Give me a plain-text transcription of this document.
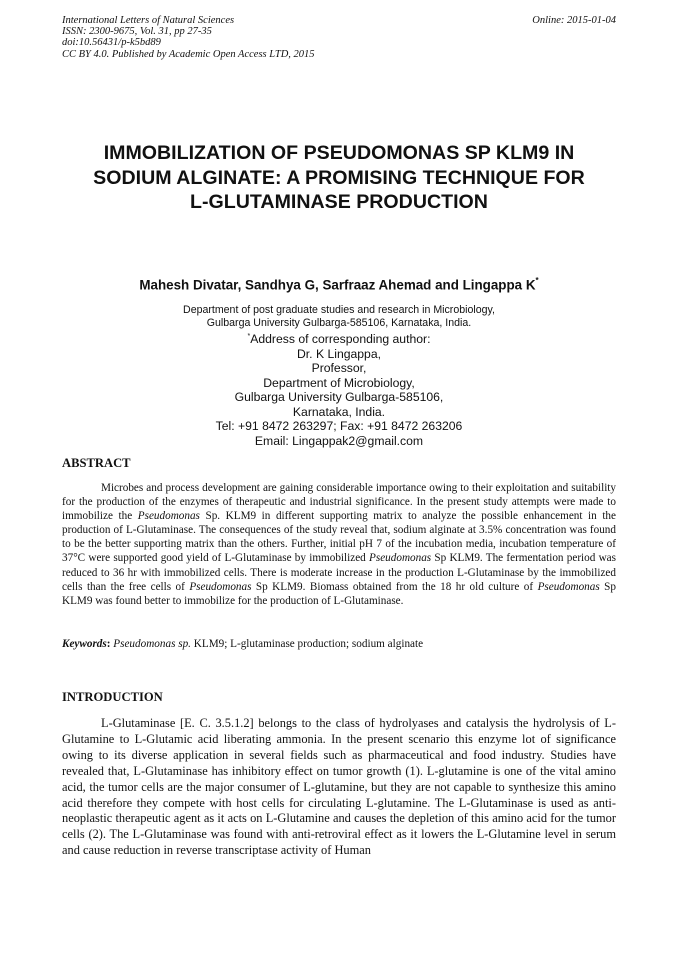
International Letters of Natural Sciences
ISSN: 2300-9675, Vol. 31, pp 27-35
doi:10.56431/p-k5bd89
CC BY 4.0. Published by Academic Open Access LTD, 2015
Online: 2015-01-04
IMMOBILIZATION OF PSEUDOMONAS SP KLM9 IN
SODIUM ALGINATE: A PROMISING TECHNIQUE FOR
L-GLUTAMINASE PRODUCTION
Mahesh Divatar, Sandhya G, Sarfraaz Ahemad and Lingappa K*
Department of post graduate studies and research in Microbiology,
Gulbarga University Gulbarga-585106, Karnataka, India.
*Address of corresponding author:
Dr. K Lingappa,
Professor,
Department of Microbiology,
Gulbarga University Gulbarga-585106,
Karnataka, India.
Tel: +91 8472 263297; Fax: +91 8472 263206
Email: Lingappak2@gmail.com
ABSTRACT
Microbes and process development are gaining considerable importance owing to their exploitation and suitability for the production of the enzymes of therapeutic and industrial significance. In the present study attempts were made to immobilize the Pseudomonas Sp. KLM9 in different supporting matrix to analyze the possible enhancement in the production of L-Glutaminase. The consequences of the study reveal that, sodium alginate at 3.5% concentration was found to be the better supporting matrix than the others. Further, initial pH 7 of the incubation media, incubation temperature of 37°C were supported good yield of L-Glutaminase by immobilized Pseudomonas Sp KLM9. The fermentation period was reduced to 36 hr with immobilized cells. There is moderate increase in the production L-Glutaminase by the immobilized cells than the free cells of Pseudomonas Sp KLM9. Biomass obtained from the 18 hr old culture of Pseudomonas Sp KLM9 was found better to immobilize for the production of L-Glutaminase.
Keywords: Pseudomonas sp. KLM9; L-glutaminase production; sodium alginate
INTRODUCTION
L-Glutaminase [E. C. 3.5.1.2] belongs to the class of hydrolyases and catalysis the hydrolysis of L-Glutamine to L-Glutamic acid liberating ammonia. In the present scenario this enzyme lot of significance owing to its diverse application in several fields such as pharmaceutical and food industry. Studies have revealed that, L-Glutaminase has inhibitory effect on tumor growth (1). L-glutamine is one of the vital amino acid, the tumor cells are the major consumer of L-glutamine, but they are not capable to synthesize this amino acid therefore they compete with host cells for circulating L-glutamine. The L-Glutaminase is used as anti-neoplastic therapeutic agent as it acts on L-Glutamine and causes the depletion of this amino acid for the tumor cells (2). The L-Glutaminase was found with anti-retroviral effect as it lowers the L-Glutamine level in serum and cause reduction in reverse transcriptase activity of Human
